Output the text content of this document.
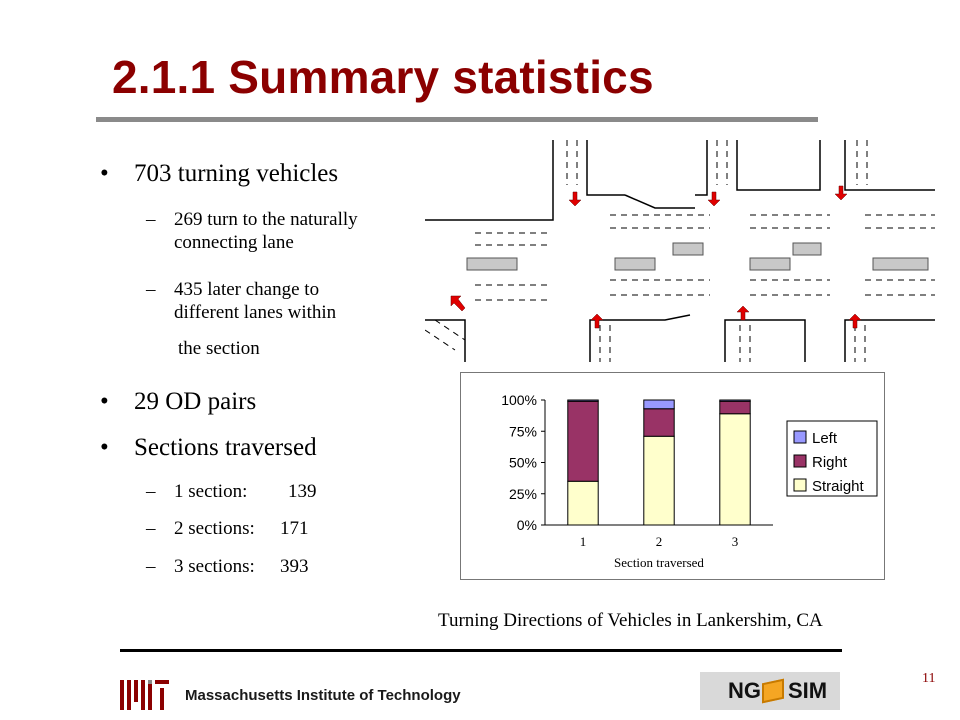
2.1.1 Summary statistics
• 703 turning vehicles
– 269 turn to the naturally
connecting lane
– 435 later change to
different lanes within
the section
• 29 OD pairs
• Sections traversed
– 1 section: 139
– 2 sections: 171
– 3 sections: 393
0%
25%
50%
75%
100%
1	2	3
Section traversed
Left
Right
Straight
Turning Directions of Vehicles in Lankershim, CA
11
Massachusetts Institute of Technology	NG SIM
